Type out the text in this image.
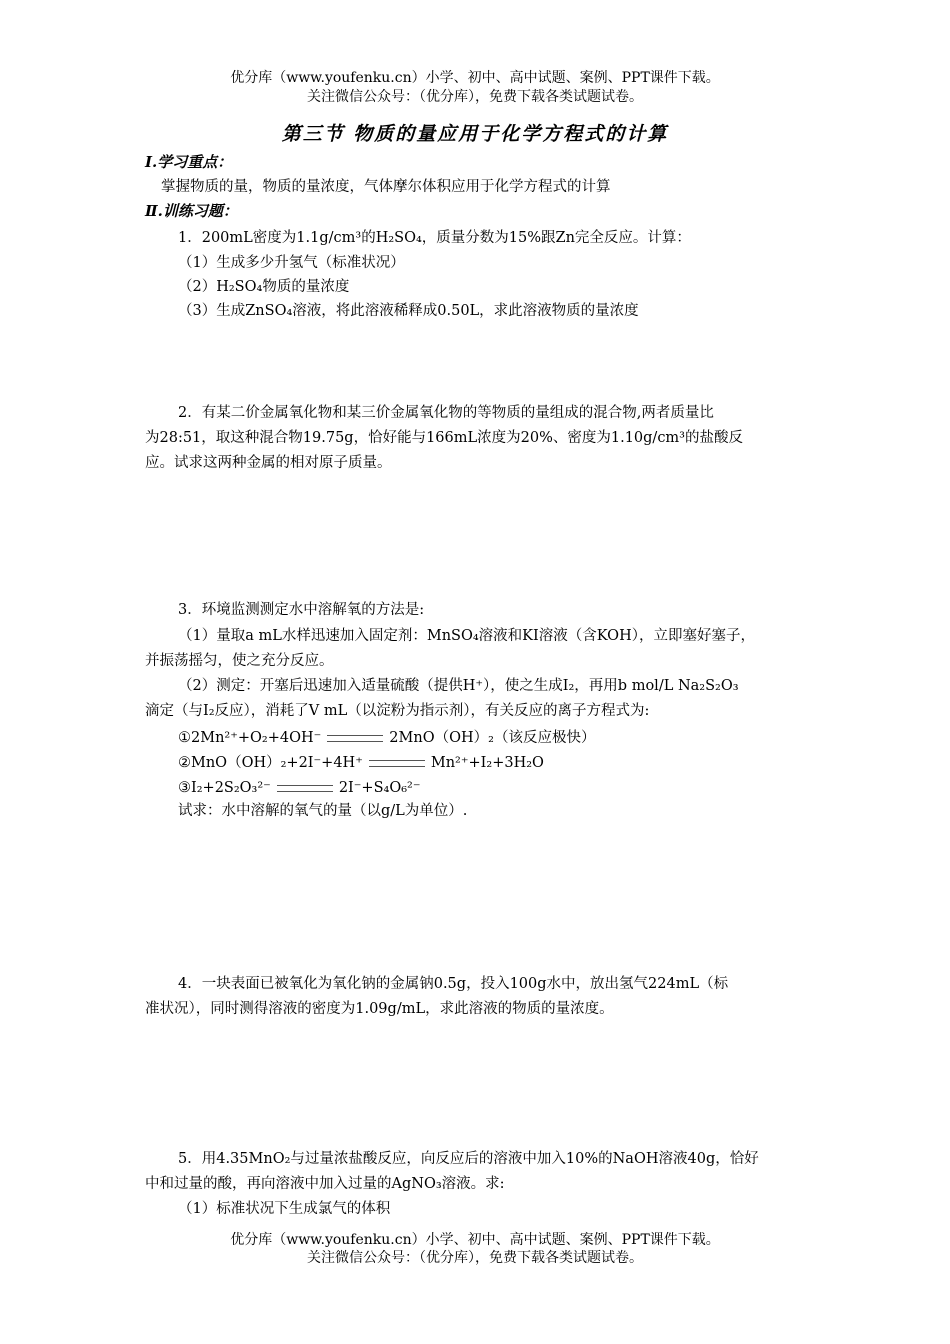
优分库（www.youfenku.cn）小学、初中、高中试题、案例、PPT课件下载。
关注微信公众号：（优分库），免费下载各类试题试卷。
第三节 物质的量应用于化学方程式的计算
Ⅰ.学习重点：
掌握物质的量，物质的量浓度，气体摩尔体积应用于化学方程式的计算
Ⅱ.训练习题：
1．200mL密度为1.1g/cm³的H₂SO₄，质量分数为15%跟Zn完全反应。计算：
（1）生成多少升氢气（标准状况）
（2）H₂SO₄物质的量浓度
（3）生成ZnSO₄溶液，将此溶液稀释成0.50L，求此溶液物质的量浓度
2．有某二价金属氧化物和某三价金属氧化物的等物质的量组成的混合物,两者质量比
为28:51，取这种混合物19.75g，恰好能与166mL浓度为20%、密度为1.10g/cm³的盐酸反
应。试求这两种金属的相对原子质量。
3．环境监测测定水中溶解氧的方法是:
（1）量取a mL水样迅速加入固定剂：MnSO₄溶液和KI溶液（含KOH），立即塞好塞子，
并振荡摇匀，使之充分反应。
（2）测定：开塞后迅速加入适量硫酸（提供H⁺），使之生成I₂，再用b mol/L Na₂S₂O₃
滴定（与I₂反应），消耗了V mL（以淀粉为指示剂），有关反应的离子方程式为:
①2Mn²⁺+O₂+4OH⁻	2MnO（OH）₂（该反应极快）
②MnO（OH）₂+2I⁻+4H⁺	Mn²⁺+I₂+3H₂O
③I₂+2S₂O₃²⁻	2I⁻+S₄O₆²⁻
试求：水中溶解的氧气的量（以g/L为单位）.
4．一块表面已被氧化为氧化钠的金属钠0.5g，投入100g水中，放出氢气224mL（标
准状况），同时测得溶液的密度为1.09g/mL，求此溶液的物质的量浓度。
5．用4.35MnO₂与过量浓盐酸反应，向反应后的溶液中加入10%的NaOH溶液40g，恰好
中和过量的酸，再向溶液中加入过量的AgNO₃溶液。求:
（1）标准状况下生成氯气的体积
优分库（www.youfenku.cn）小学、初中、高中试题、案例、PPT课件下载。
关注微信公众号：（优分库），免费下载各类试题试卷。
